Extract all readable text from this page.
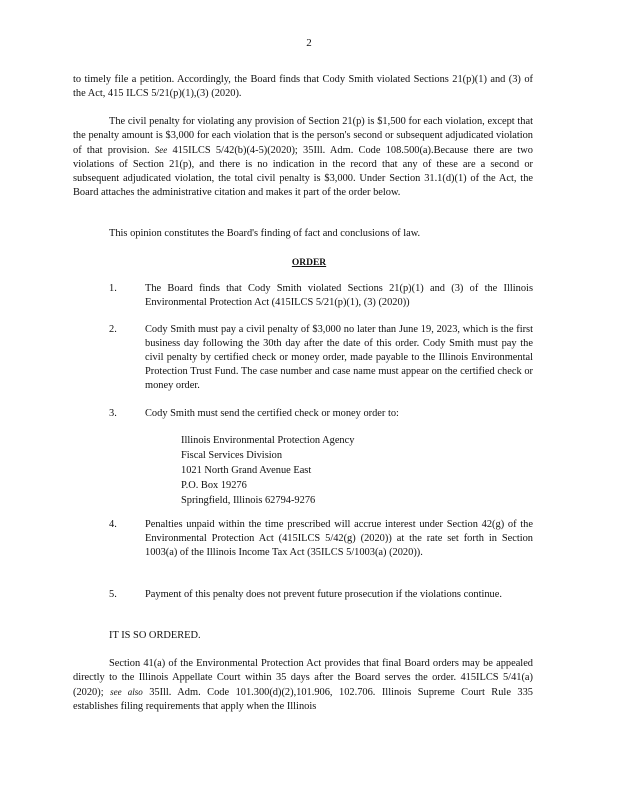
2

to timely file a petition. Accordingly, the Board finds that Cody Smith violated Sections 21(p)(1) and (3) of the Act, 415 ILCS 5/21(p)(1),(3) (2020).

The civil penalty for violating any provision of Section 21(p) is $1,500 for each violation, except that the penalty amount is $3,000 for each violation that is the person's second or subsequent adjudicated violation of that provision. See 415ILCS 5/42(b)(4-5)(2020); 35Ill. Adm. Code 108.500(a).Because there are two violations of Section 21(p), and there is no indication in the record that any of these are a second or subsequent adjudicated violation, the total civil penalty is $3,000. Under Section 31.1(d)(1) of the Act, the Board attaches the administrative citation and makes it part of the order below.

This opinion constitutes the Board's finding of fact and conclusions of law.

ORDER
1.	The Board finds that Cody Smith violated Sections 21(p)(1) and (3) of the Illinois Environmental Protection Act (415ILCS 5/21(p)(1), (3) (2020))
2.	Cody Smith must pay a civil penalty of $3,000 no later than June 19, 2023, which is the first business day following the 30th day after the date of this order. Cody Smith must pay the civil penalty by certified check or money order, made payable to the Illinois Environmental Protection Trust Fund. The case number and case name must appear on the certified check or money order.
3.	Cody Smith must send the certified check or money order to:
Illinois Environmental Protection Agency
Fiscal Services Division
1021 North Grand Avenue East
P.O. Box 19276
Springfield, Illinois 62794-9276
4.	Penalties unpaid within the time prescribed will accrue interest under Section 42(g) of the Environmental Protection Act (415ILCS 5/42(g) (2020)) at the rate set forth in Section 1003(a) of the Illinois Income Tax Act (35ILCS 5/1003(a) (2020)).
5.	Payment of this penalty does not prevent future prosecution if the violations continue.
IT IS SO ORDERED.

Section 41(a) of the Environmental Protection Act provides that final Board orders may be appealed directly to the Illinois Appellate Court within 35 days after the Board serves the order. 415ILCS 5/41(a) (2020); see also 35Ill. Adm. Code 101.300(d)(2),101.906, 102.706. Illinois Supreme Court Rule 335 establishes filing requirements that apply when the Illinois
